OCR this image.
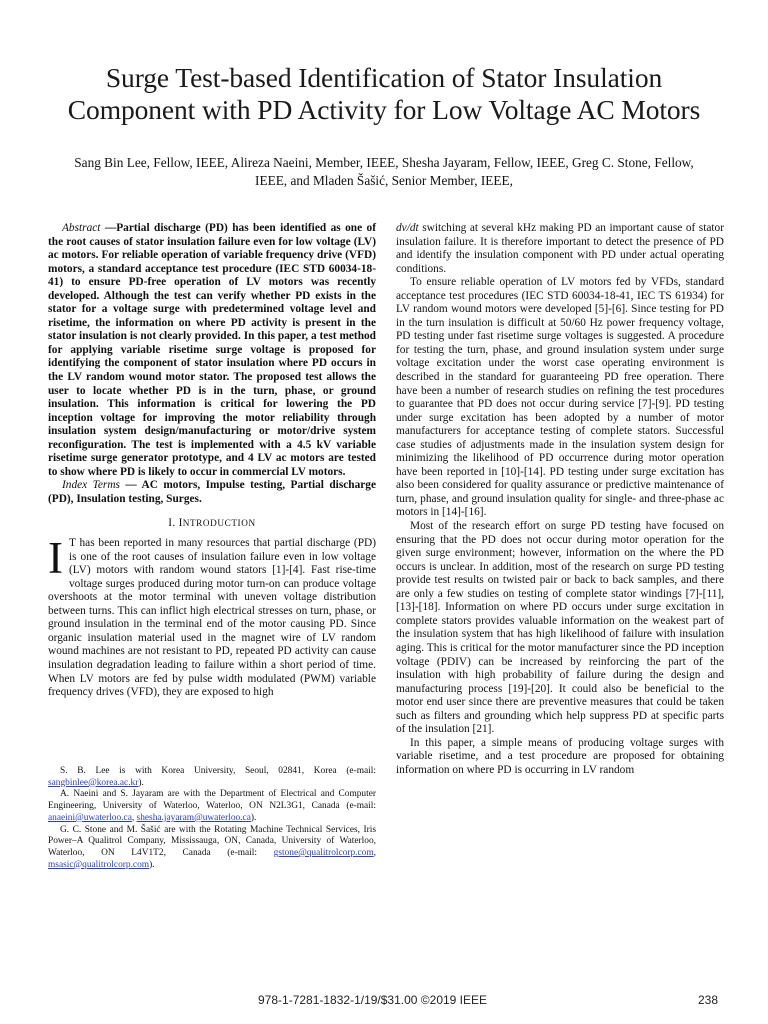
Surge Test-based Identification of Stator Insulation Component with PD Activity for Low Voltage AC Motors
Sang Bin Lee, Fellow, IEEE, Alireza Naeini, Member, IEEE, Shesha Jayaram, Fellow, IEEE, Greg C. Stone, Fellow,
IEEE, and Mladen Šašić, Senior Member, IEEE,

Abstract —Partial discharge (PD) has been identified as one of the root causes of stator insulation failure even for low voltage (LV) ac motors. For reliable operation of variable frequency drive (VFD) motors, a standard acceptance test procedure (IEC STD 60034-18-41) to ensure PD-free operation of LV motors was recently developed. Although the test can verify whether PD exists in the stator for a voltage surge with predetermined voltage level and risetime, the information on where PD activity is present in the stator insulation is not clearly provided. In this paper, a test method for applying variable risetime surge voltage is proposed for identifying the component of stator insulation where PD occurs in the LV random wound motor stator. The proposed test allows the user to locate whether PD is in the turn, phase, or ground insulation. This information is critical for lowering the PD inception voltage for improving the motor reliability through insulation system design/manufacturing or motor/drive system reconfiguration. The test is implemented with a 4.5 kV variable risetime surge generator prototype, and 4 LV ac motors are tested to show where PD is likely to occur in commercial LV motors.

Index Terms — AC motors, Impulse testing, Partial discharge (PD), Insulation testing, Surges.

I. INTRODUCTION

I T has been reported in many resources that partial discharge (PD) is one of the root causes of insulation failure even in low voltage (LV) motors with random wound stators [1]-[4]. Fast rise-time voltage surges produced during motor turn-on can produce voltage overshoots at the motor terminal with uneven voltage distribution between turns. This can inflict high electrical stresses on turn, phase, or ground insulation in the terminal end of the motor causing PD. Since organic insulation material used in the magnet wire of LV random wound machines are not resistant to PD, repeated PD activity can cause insulation degradation leading to failure within a short period of time. When LV motors are fed by pulse width modulated (PWM) variable frequency drives (VFD), they are exposed to high

S. B. Lee is with Korea University, Seoul, 02841, Korea (e-mail: sangbinlee@korea.ac.kr).

A. Naeini and S. Jayaram are with the Department of Electrical and Computer Engineering, University of Waterloo, Waterloo, ON N2L3G1, Canada (e-mail: anaeini@uwaterloo.ca, shesha.jayaram@uwaterloo.ca).

G. C. Stone and M. Šašić are with the Rotating Machine Technical Services, Iris Power–A Qualitrol Company, Mississauga, ON, Canada, University of Waterloo, Waterloo, ON L4V1T2, Canada (e-mail: gstone@qualitrolcorp.com, msasic@qualitrolcorp.com).

dv/dt switching at several kHz making PD an important cause of stator insulation failure. It is therefore important to detect the presence of PD and identify the insulation component with PD under actual operating conditions.

To ensure reliable operation of LV motors fed by VFDs, standard acceptance test procedures (IEC STD 60034-18-41, IEC TS 61934) for LV random wound motors were developed [5]-[6]. Since testing for PD in the turn insulation is difficult at 50/60 Hz power frequency voltage, PD testing under fast risetime surge voltages is suggested. A procedure for testing the turn, phase, and ground insulation system under surge voltage excitation under the worst case operating environment is described in the standard for guaranteeing PD free operation. There have been a number of research studies on refining the test procedures to guarantee that PD does not occur during service [7]-[9]. PD testing under surge excitation has been adopted by a number of motor manufacturers for acceptance testing of complete stators. Successful case studies of adjustments made in the insulation system design for minimizing the likelihood of PD occurrence during motor operation have been reported in [10]-[14]. PD testing under surge excitation has also been considered for quality assurance or predictive maintenance of turn, phase, and ground insulation quality for single- and three-phase ac motors in [14]-[16].

Most of the research effort on surge PD testing have focused on ensuring that the PD does not occur during motor operation for the given surge environment; however, information on the where the PD occurs is unclear. In addition, most of the research on surge PD testing provide test results on twisted pair or back to back samples, and there are only a few studies on testing of complete stator windings [7]-[11],[13]-[18]. Information on where PD occurs under surge excitation in complete stators provides valuable information on the weakest part of the insulation system that has high likelihood of failure with insulation aging. This is critical for the motor manufacturer since the PD inception voltage (PDIV) can be increased by reinforcing the part of the insulation with high probability of failure during the design and manufacturing process [19]-[20]. It could also be beneficial to the motor end user since there are preventive measures that could be taken such as filters and grounding which help suppress PD at specific parts of the insulation [21].

In this paper, a simple means of producing voltage surges with variable risetime, and a test procedure are proposed for obtaining information on where PD is occurring in LV random

978-1-7281-1832-1/19/$31.00 ©2019 IEEE	238
